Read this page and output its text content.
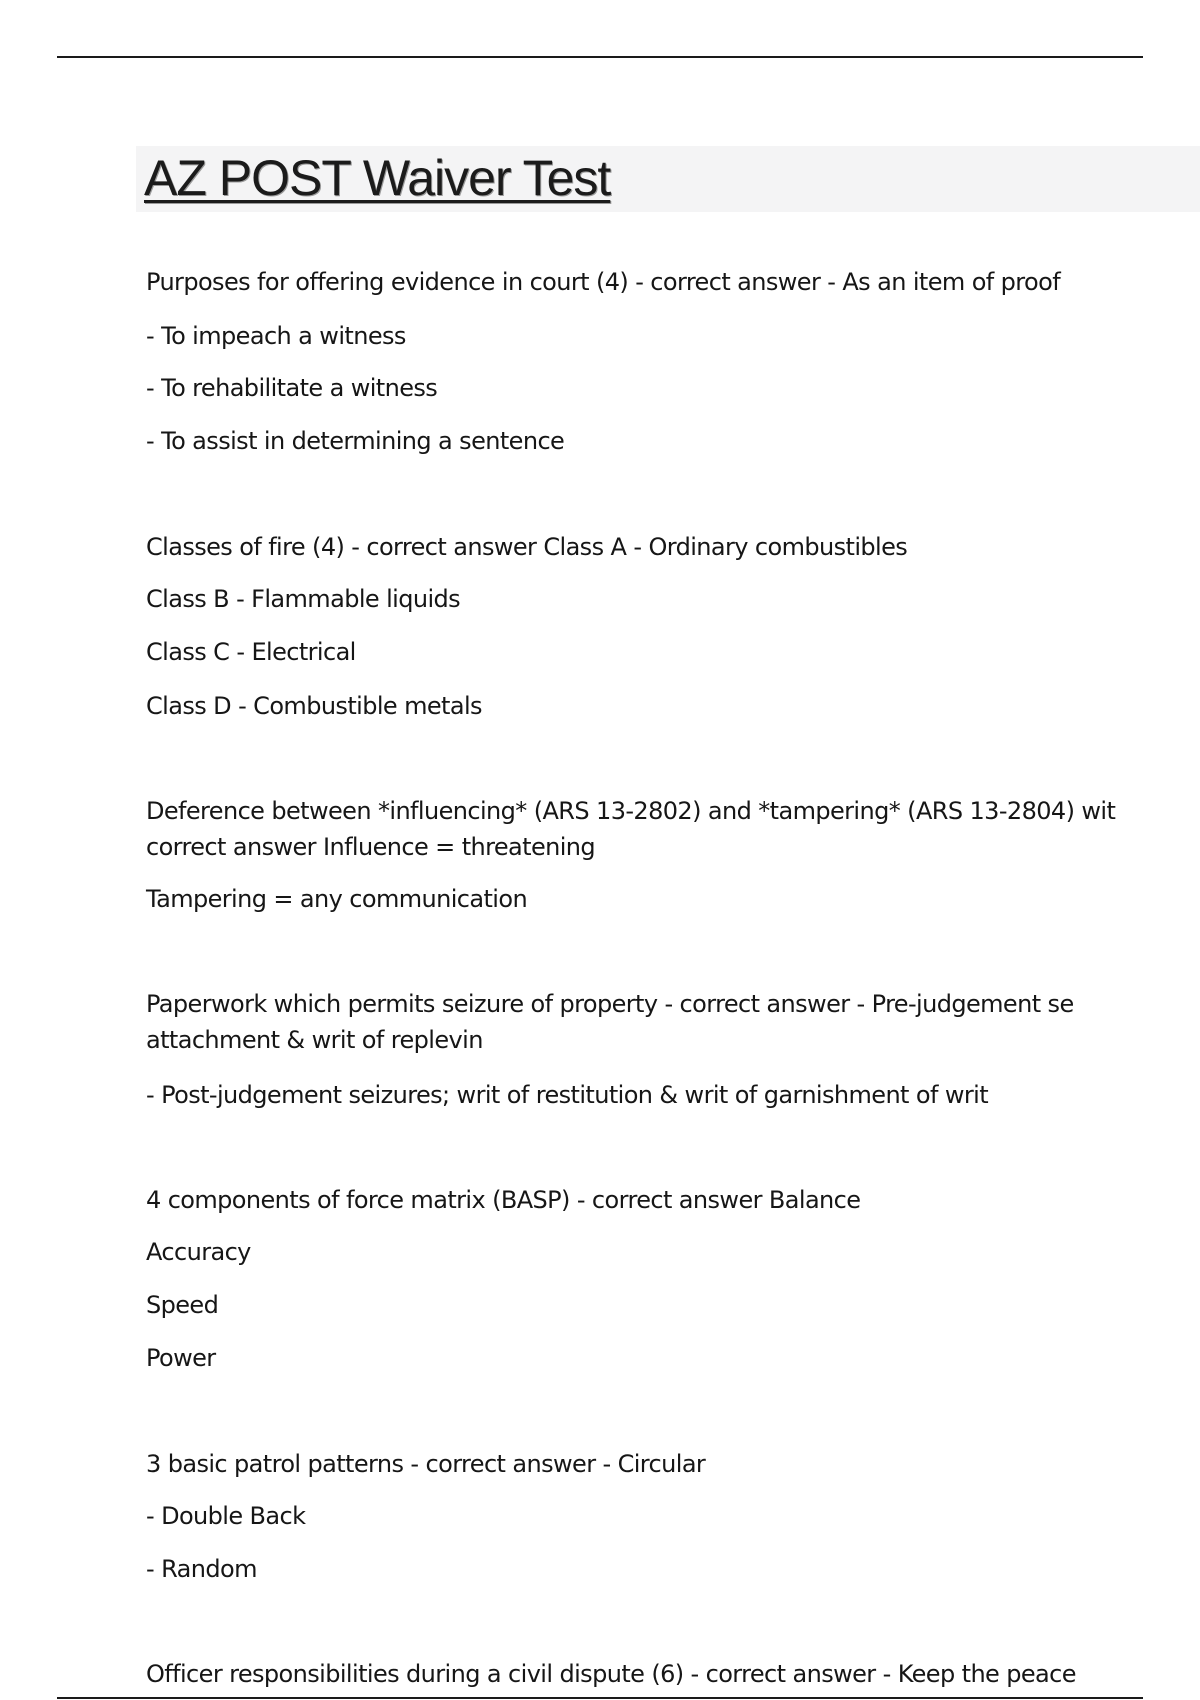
AZ POST Waiver Test

Purposes for offering evidence in court (4) - correct answer - As an item of proof

- To impeach a witness

- To rehabilitate a witness

- To assist in determining a sentence

Classes of fire (4) - correct answer Class A - Ordinary combustibles

Class B - Flammable liquids

Class C - Electrical

Class D - Combustible metals

Deference between *influencing* (ARS 13-2802) and *tampering* (ARS 13-2804) wit

correct answer Influence = threatening

Tampering = any communication

Paperwork which permits seizure of property - correct answer - Pre-judgement se

attachment & writ of replevin

- Post-judgement seizures; writ of restitution & writ of garnishment of writ

4 components of force matrix (BASP) - correct answer Balance

Accuracy

Speed

Power

3 basic patrol patterns - correct answer - Circular

- Double Back

- Random

Officer responsibilities during a civil dispute (6) - correct answer - Keep the peace
